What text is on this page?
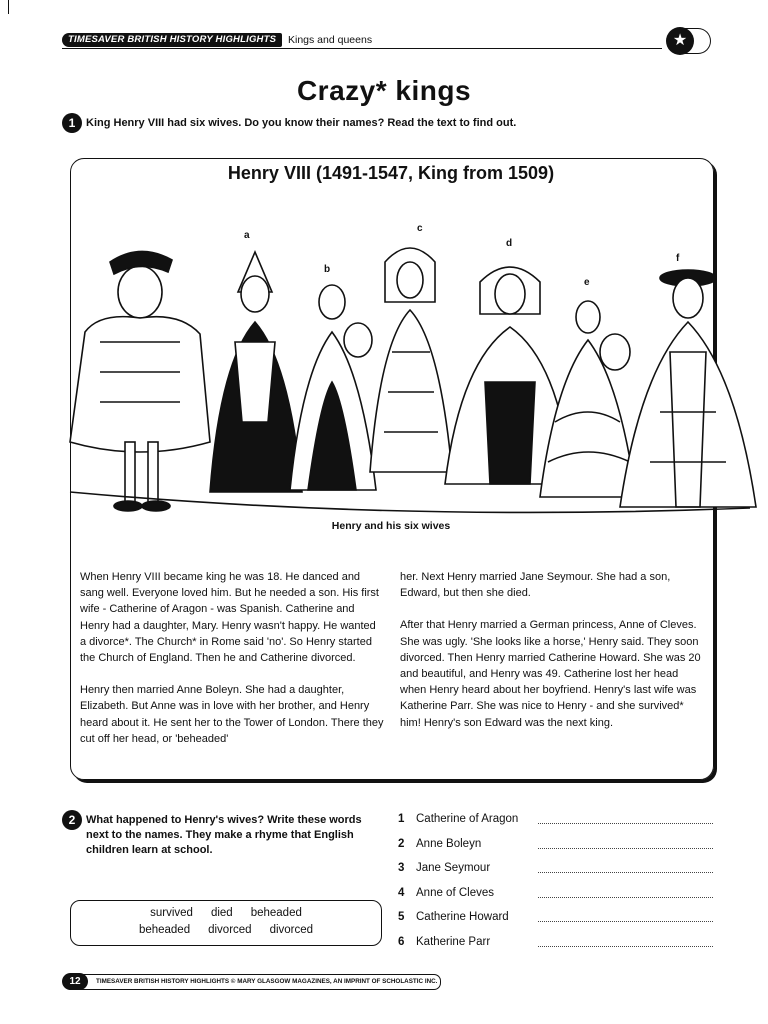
TIMESAVER BRITISH HISTORY HIGHLIGHTS	Kings and queens	★
Crazy* kings
1 King Henry VIII had six wives. Do you know their names? Read the text to find out.
Henry VIII (1491-1547, King from 1509)
a
b
c
d
e
f
Henry and his six wives

When Henry VIII became king he was 18. He danced and sang well. Everyone loved him. But he needed a son. His first wife - Catherine of Aragon - was Spanish. Catherine and Henry had a daughter, Mary. Henry wasn't happy. He wanted a divorce*. The Church* in Rome said 'no'. So Henry started the Church of England. Then he and Catherine divorced.

Henry then married Anne Boleyn. She had a daughter, Elizabeth. But Anne was in love with her brother, and Henry heard about it. He sent her to the Tower of London. There they cut off her head, or 'beheaded'

her. Next Henry married Jane Seymour. She had a son, Edward, but then she died.

After that Henry married a German princess, Anne of Cleves. She was ugly. 'She looks like a horse,' Henry said. They soon divorced. Then Henry married Catherine Howard. She was 20 and beautiful, and Henry was 49. Catherine lost her head when Henry heard about her boyfriend. Henry's last wife was Katherine Parr. She was nice to Henry - and she survived* him! Henry's son Edward was the next king.

2 What happened to Henry's wives? Write these words next to the names. They make a rhyme that English children learn at school.
survived died beheaded
beheaded divorced divorced
1 Catherine of Aragon
2 Anne Boleyn
3 Jane Seymour
4 Anne of Cleves
5 Catherine Howard
6 Katherine Parr
12	TIMESAVER BRITISH HISTORY HIGHLIGHTS © MARY GLASGOW MAGAZINES, AN IMPRINT OF SCHOLASTIC INC.
